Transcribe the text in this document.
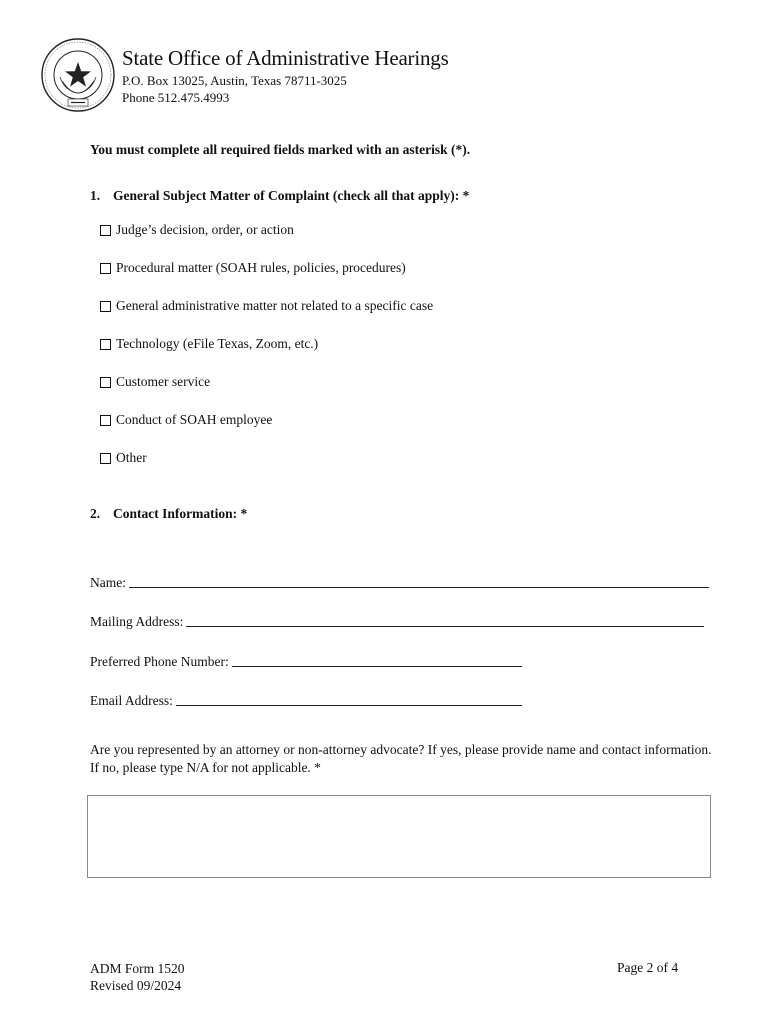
State Office of Administrative Hearings
P.O. Box 13025, Austin, Texas 78711-3025
Phone 512.475.4993
You must complete all required fields marked with an asterisk (*).
1. General Subject Matter of Complaint (check all that apply): *
Judge’s decision, order, or action
Procedural matter (SOAH rules, policies, procedures)
General administrative matter not related to a specific case
Technology (eFile Texas, Zoom, etc.)
Customer service
Conduct of SOAH employee
Other
2. Contact Information: *
Name:
Mailing Address:
Preferred Phone Number:
Email Address:
Are you represented by an attorney or non-attorney advocate? If yes, please provide name and contact information. If no, please type N/A for not applicable. *
ADM Form 1520
Revised 09/2024
Page 2 of 4
